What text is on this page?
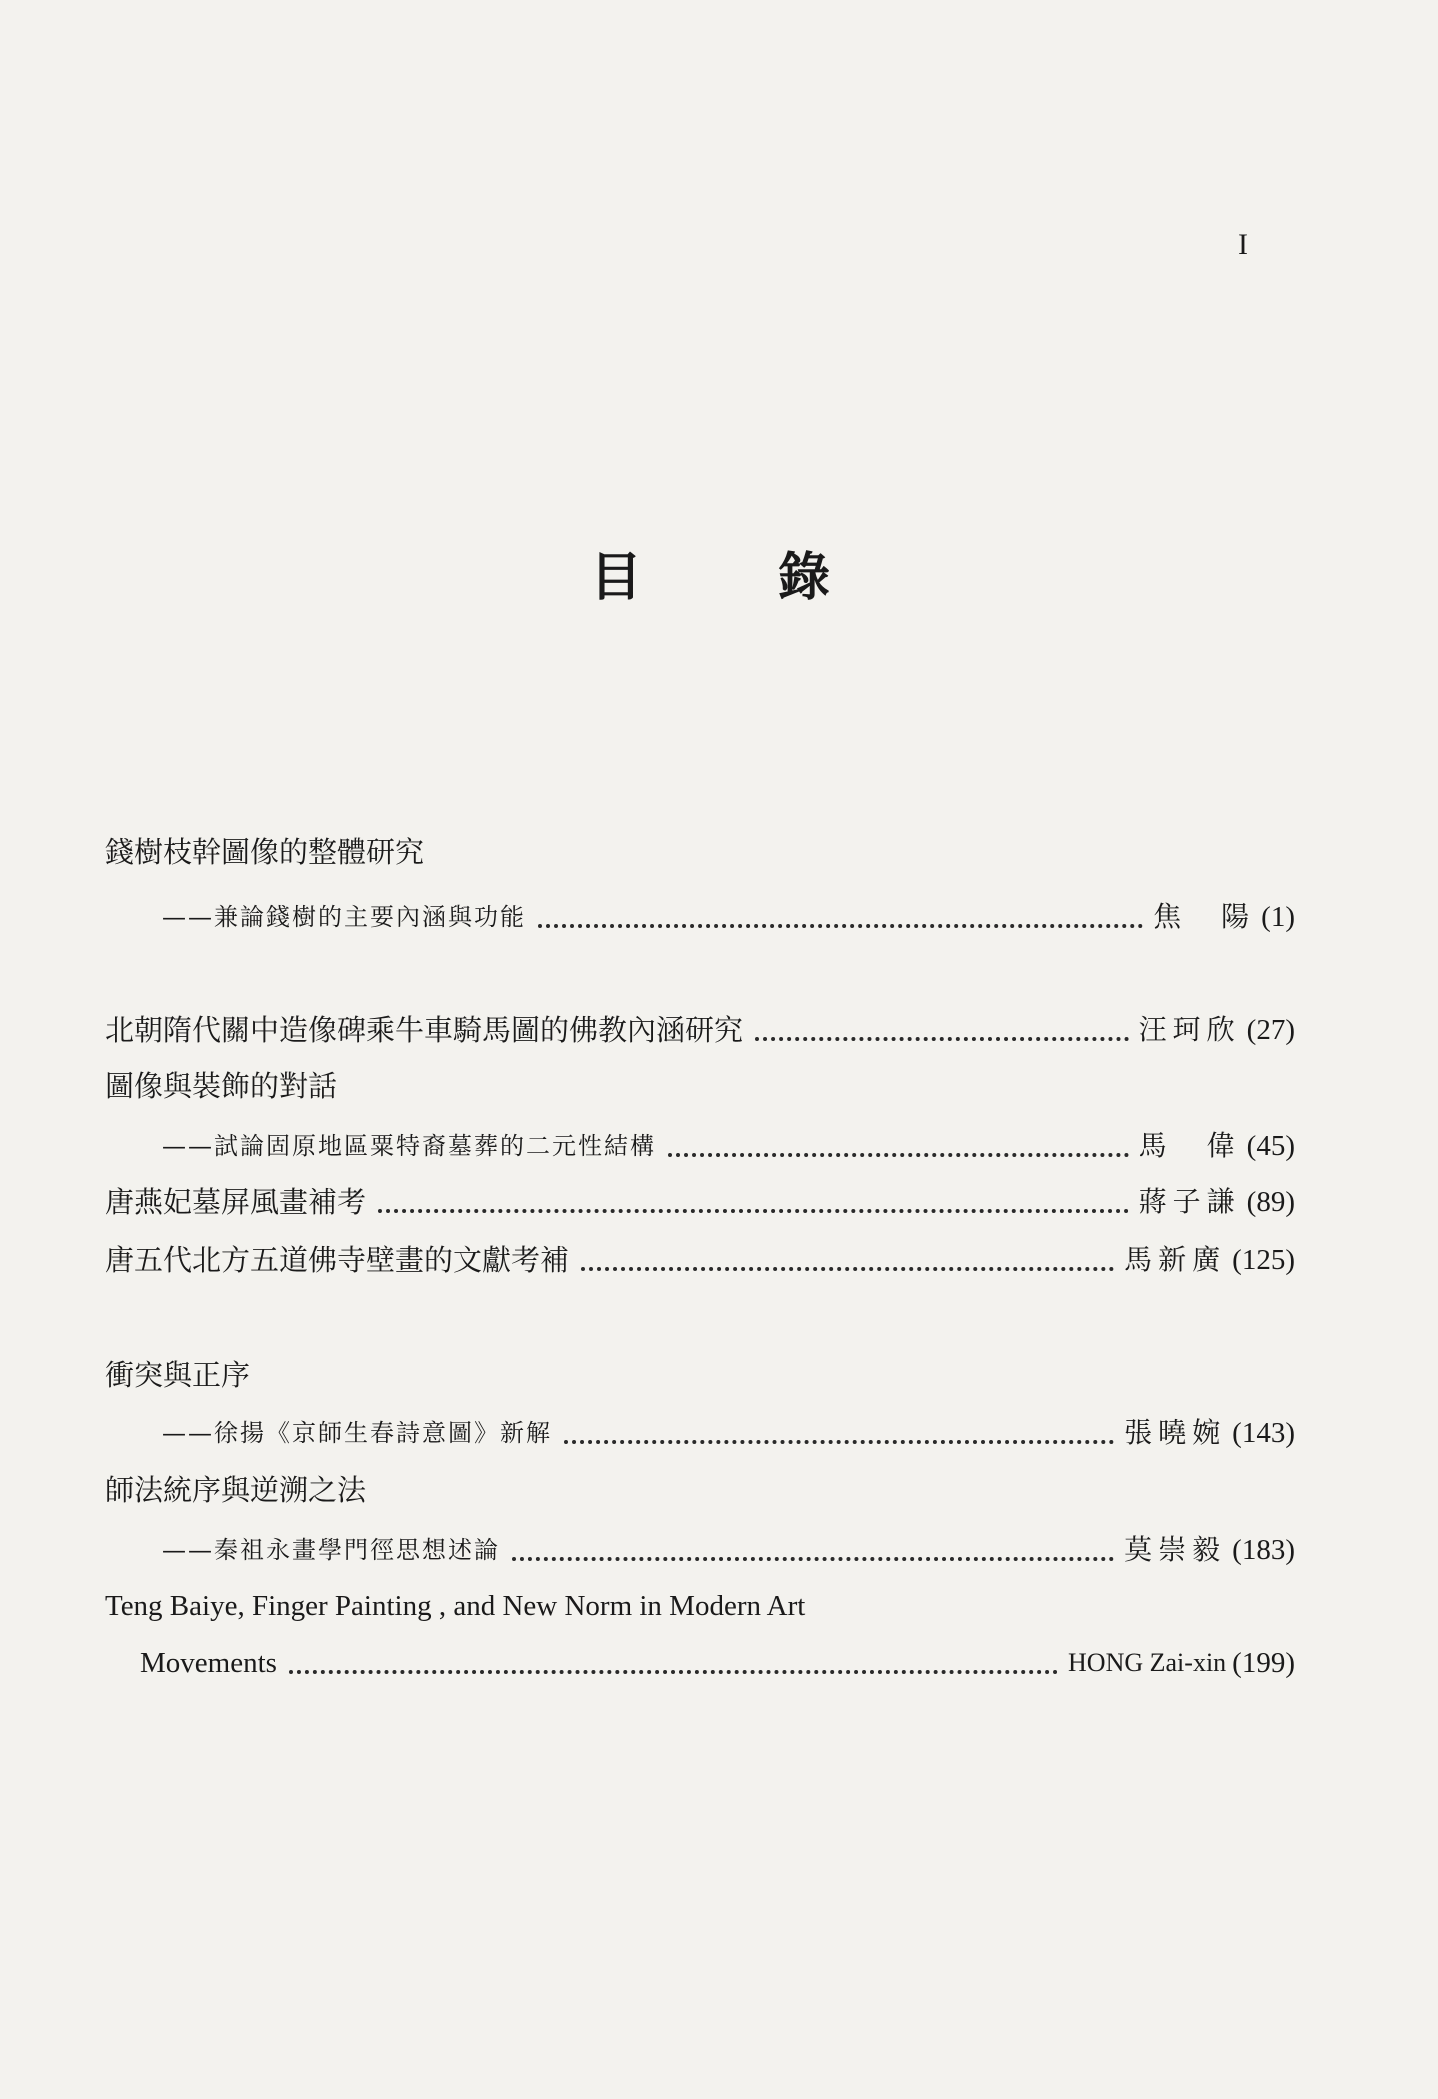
I
目	錄
錢樹枝幹圖像的整體研究
——兼論錢樹的主要內涵與功能	焦　陽 (1)
北朝隋代關中造像碑乘牛車騎馬圖的佛教內涵研究	汪珂欣 (27)
圖像與裝飾的對話
——試論固原地區粟特裔墓葬的二元性結構	馬　偉 (45)
唐燕妃墓屏風畫補考	蔣子謙 (89)
唐五代北方五道佛寺壁畫的文獻考補	馬新廣 (125)
衝突與正序
——徐揚《京師生春詩意圖》新解	張曉婉 (143)
師法統序與逆溯之法
——秦祖永畫學門徑思想述論	莫崇毅 (183)
Teng Baiye, Finger Painting , and New Norm in Modern Art
Movements	HONG Zai-xin (199)
